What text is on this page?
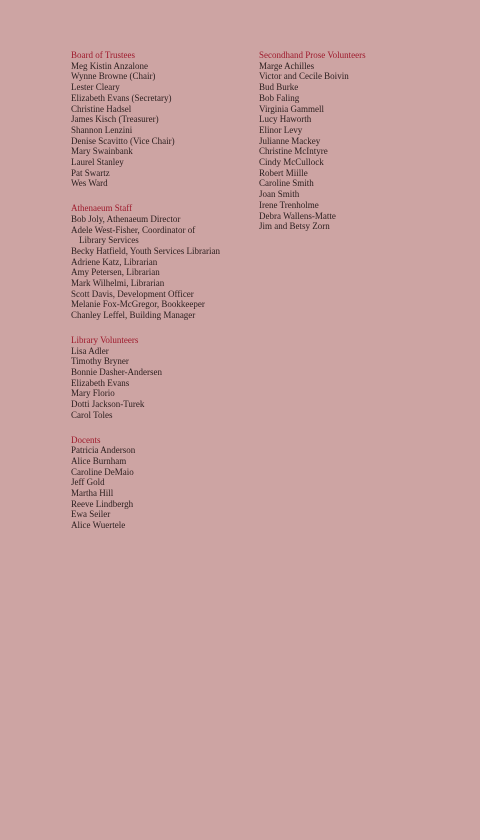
Board of Trustees
Meg Kistin Anzalone
Wynne Browne (Chair)
Lester Cleary
Elizabeth Evans (Secretary)
Christine Hadsel
James Kisch (Treasurer)
Shannon Lenzini
Denise Scavitto (Vice Chair)
Mary Swainbank
Laurel Stanley
Pat Swartz
Wes Ward
Athenaeum Staff
Bob Joly, Athenaeum Director
Adele West-Fisher, Coordinator of
Library Services
Becky Hatfield, Youth Services Librarian
Adriene Katz, Librarian
Amy Petersen, Librarian
Mark Wilhelmi, Librarian
Scott Davis, Development Officer
Melanie Fox-McGregor, Bookkeeper
Chanley Leffel, Building Manager
Library Volunteers
Lisa Adler
Timothy Bryner
Bonnie Dasher-Andersen
Elizabeth Evans
Mary Florio
Dotti Jackson-Turek
Carol Toles
Docents
Patricia Anderson
Alice Burnham
Caroline DeMaio
Jeff Gold
Martha Hill
Reeve Lindbergh
Ewa Seiler
Alice Wuertele
Secondhand Prose Volunteers
Marge Achilles
Victor and Cecile Boivin
Bud Burke
Bob Faling
Virginia Gammell
Lucy Haworth
Elinor Levy
Julianne Mackey
Christine McIntyre
Cindy McCullock
Robert Miille
Caroline Smith
Joan Smith
Irene Trenholme
Debra Wallens-Matte
Jim and Betsy Zorn
